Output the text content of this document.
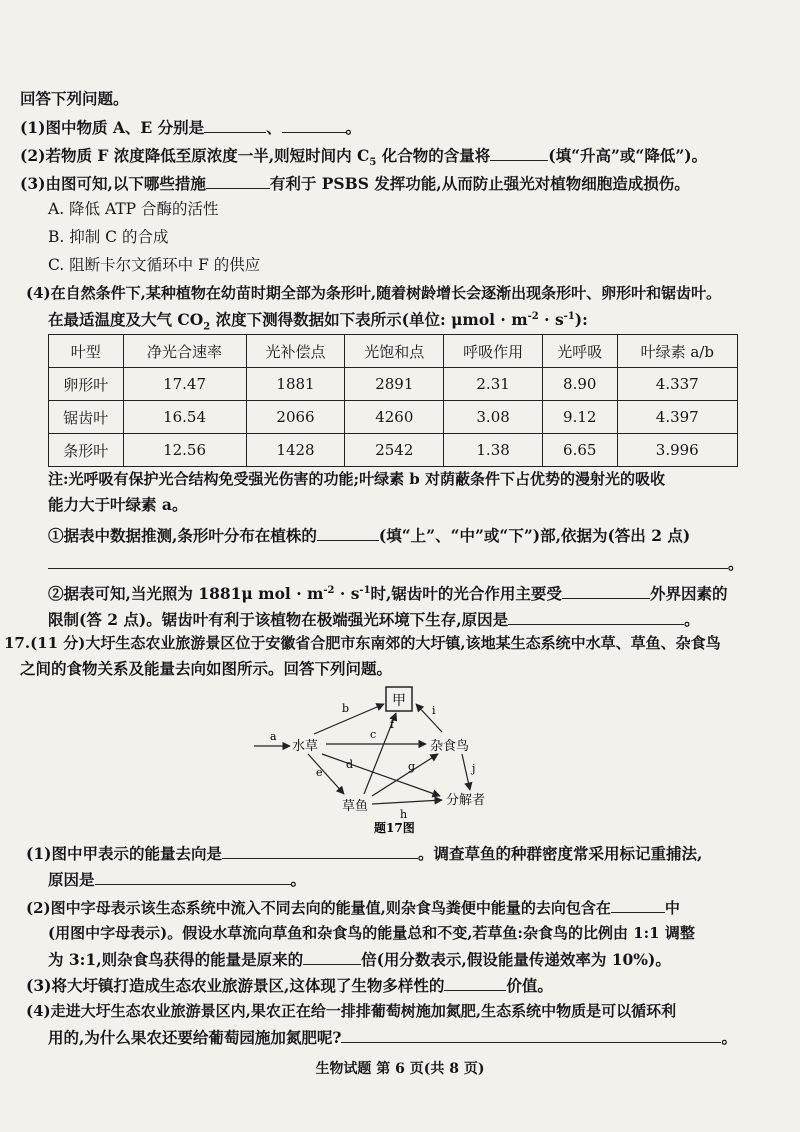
回答下列问题。
(1)图中物质 A、E 分别是	、	。
(2)若物质 F 浓度降低至原浓度一半,则短时间内 $C_5$ 化合物的含量将	(填“升高”或“降低”)。
(3)由图可知,以下哪些措施	有利于 PSBS 发挥功能,从而防止强光对植物细胞造成损伤。
A. 降低 ATP 合酶的活性
B. 抑制 C 的合成
C. 阻断卡尔文循环中 F 的供应
(4)在自然条件下,某种植物在幼苗时期全部为条形叶,随着树龄增长会逐渐出现条形叶、卵形叶和锯齿叶。
在最适温度及大气 $CO_2$ 浓度下测得数据如下表所示(单位: $\mu mol \cdot m^{-2} \cdot s^{-1}$):
叶型	净光合速率	光补偿点	光饱和点	呼吸作用	光呼吸	叶绿素 a/b
卵形叶	17.47	1881	2891	2.31	8.90	4.337
锯齿叶	16.54	2066	4260	3.08	9.12	4.397
条形叶	12.56	1428	2542	1.38	6.65	3.996
注:光呼吸有保护光合结构免受强光伤害的功能;叶绿素 b 对荫蔽条件下占优势的漫射光的吸收
能力大于叶绿素 a。
①据表中数据推测,条形叶分布在植株的	(填“上”、“中”或“下”)部,依据为(答出 2 点)
。
②据表可知,当光照为 1881μ mol · $m^{-2} \cdot s^{-1}$时,锯齿叶的光合作用主要受	外界因素的
限制(答 2 点)。锯齿叶有利于该植物在极端强光环境下生存,原因是	。
17.(11 分)大圩生态农业旅游景区位于安徽省合肥市东南郊的大圩镇,该地某生态系统中水草、草鱼、杂食鸟
之间的食物关系及能量去向如图所示。回答下列问题。
甲
a
水草	杂食鸟
草鱼	分解者
b
c
d
e
f
g
h
i
j
题17图
(1)图中甲表示的能量去向是	。调查草鱼的种群密度常采用标记重捕法,
原因是	。
(2)图中字母表示该生态系统中流入不同去向的能量值,则杂食鸟粪便中能量的去向包含在	中
(用图中字母表示)。假设水草流向草鱼和杂食鸟的能量总和不变,若草鱼:杂食鸟的比例由 1:1 调整
为 3:1,则杂食鸟获得的能量是原来的	倍(用分数表示,假设能量传递效率为 10%)。
(3)将大圩镇打造成生态农业旅游景区,这体现了生物多样性的	价值。
(4)走进大圩生态农业旅游景区内,果农正在给一排排葡萄树施加氮肥,生态系统中物质是可以循环利
用的,为什么果农还要给葡萄园施加氮肥呢?	。
生物试题 第 6 页(共 8 页)
